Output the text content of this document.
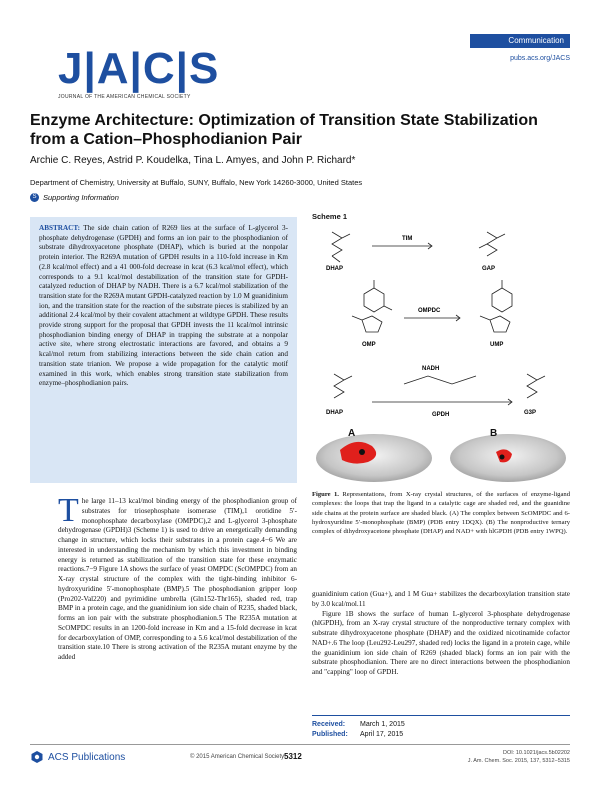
J|A|C|S
JOURNAL OF THE AMERICAN CHEMICAL SOCIETY
Communication
pubs.acs.org/JACS
Enzyme Architecture: Optimization of Transition State Stabilization from a Cation–Phosphodianion Pair
Archie C. Reyes, Astrid P. Koudelka, Tina L. Amyes, and John P. Richard*
Department of Chemistry, University at Buffalo, SUNY, Buffalo, New York 14260-3000, United States
S Supporting Information
ABSTRACT: The side chain cation of R269 lies at the surface of L-glycerol 3-phosphate dehydrogenase (GPDH) and forms an ion pair to the phosphodianion of substrate dihydroxyacetone phosphate (DHAP), which is buried at the nonpolar protein interior. The R269A mutation of GPDH results in a 110-fold increase in Km (2.8 kcal/mol effect) and a 41 000-fold decrease in kcat (6.3 kcal/mol effect), which corresponds to a 9.1 kcal/mol destabilization of the transition state for GPDH-catalyzed reduction of DHAP by NADH. There is a 6.7 kcal/mol stabilization of the transition state for the R269A mutant GPDH-catalyzed reaction by 1.0 M guanidinium ion, and the transition state for the reaction of the substrate pieces is stabilized by an additional 2.4 kcal/mol by their covalent attachment at wildtype GPDH. These results provide strong support for the proposal that GPDH invests the 11 kcal/mol intrinsic phosphodianion binding energy of DHAP in trapping the substrate at a nonpolar active site, where strong electrostatic interactions are favored, and obtains a 9 kcal/mol return from stabilizing interactions between the side chain cation and transition state trianion. We propose a wide propagation for the catalytic motif examined in this work, which enables strong transition state stabilization from enzyme–phosphodianion pairs.
T he large 11–13 kcal/mol binding energy of the phosphodianion group of substrates for triosephosphate isomerase (TIM),1 orotidine 5′-monophosphate decarboxylase (OMPDC),2 and L-glycerol 3-phosphate dehydrogenase (GPDH)3 (Scheme 1) is used to drive an energetically demanding change in structure, which locks their substrates in a protein cage.4−6 We are interested in understanding the mechanism by which this investment in binding energy is returned as stabilization of the transition state for these enzymatic reactions.7−9 Figure 1A shows the surface of yeast OMPDC (ScOMPDC) from an X-ray crystal structure of the complex with the tight-binding inhibitor 6-hydroxyuridine 5′-monophosphate (BMP).5 The phosphodianion gripper loop (Pro202-Val220) and pyrimidine umbrella (Gln152-Thr165), shaded red, trap BMP in a protein cage, and the guanidinium ion side chain of R235, shaded black, forms an ion pair with the substrate phosphodianion.5 The R235A mutation at ScOMPDC results in an 1200-fold increase in Km and a 15-fold decrease in kcat for decarboxylation of OMP, corresponding to a 5.6 kcal/mol destabilization of the transition state.10 There is strong activation of the R235A mutant enzyme by the added
Scheme 1
DHAP
TIM
GAP
OMPDC
OMP	UMP
NADH
DHAP	GPDH	G3P
A	B
Figure 1. Representations, from X-ray crystal structures, of the surfaces of enzyme-ligand complexes: the loops that trap the ligand in a catalytic cage are shaded red, and the guanidine side chains at the protein surface are shaded black. (A) The complex between ScOMPDC and 6-hydroxyuridine 5′-monophosphate (BMP) (PDB entry 1DQX). (B) The nonproductive ternary complex of dihydroxyacetone phosphate (DHAP) and NAD+ with hlGPDH (PDB entry 1WPQ).

guanidinium cation (Gua+), and 1 M Gua+ stabilizes the decarboxylation transition state by 3.0 kcal/mol.11

Figure 1B shows the surface of human L-glycerol 3-phosphate dehydrogenase (hlGPDH), from an X-ray crystal structure of the nonproductive ternary complex with substrate dihydroxyacetone phosphate (DHAP) and the oxidized nicotinamide cofactor NAD+.6 The loop (Leu292-Leu297, shaded red) locks the ligand in a protein cage, while the guanidinium ion side chain of R269 (shaded black) forms an ion pair with the substrate phosphodianion. There are no direct interactions between the phosphodianion and "capping" loop of GPDH.

Received: March 1, 2015
Published: April 17, 2015
ACS Publications	© 2015 American Chemical Society 5312	DOI: 10.1021/jacs.5b02202
J. Am. Chem. Soc. 2015, 137, 5312−5315
